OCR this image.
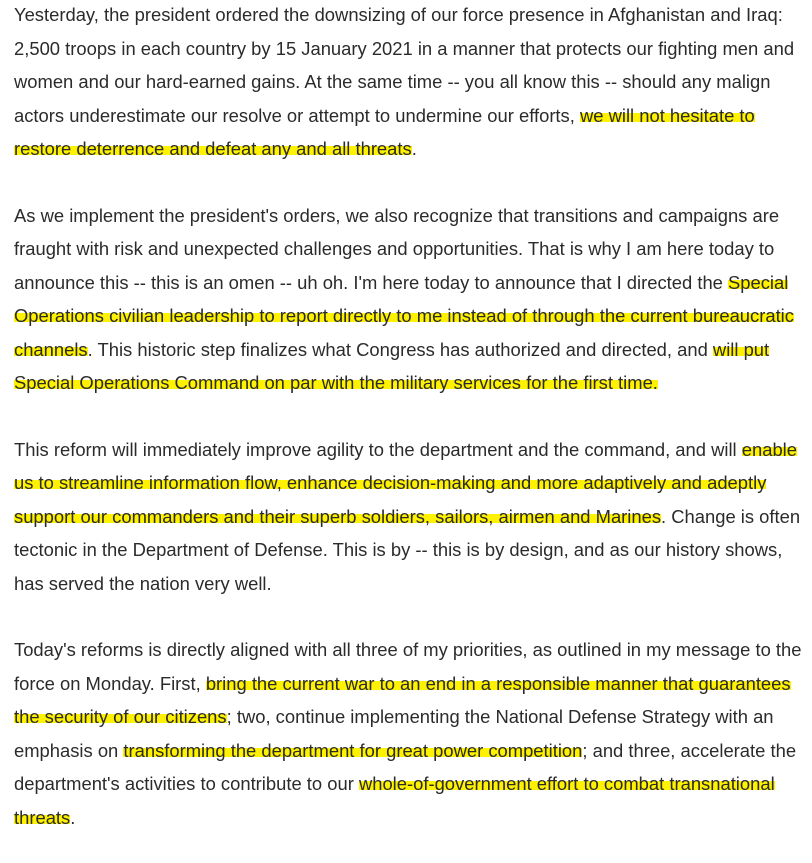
Yesterday, the president ordered the downsizing of our force presence in Afghanistan and Iraq: 2,500 troops in each country by 15 January 2021 in a manner that protects our fighting men and women and our hard-earned gains. At the same time -- you all know this -- should any malign actors underestimate our resolve or attempt to undermine our efforts, we will not hesitate to restore deterrence and defeat any and all threats.

As we implement the president's orders, we also recognize that transitions and campaigns are fraught with risk and unexpected challenges and opportunities. That is why I am here today to announce this -- this is an omen -- uh oh. I'm here today to announce that I directed the Special Operations civilian leadership to report directly to me instead of through the current bureaucratic channels. This historic step finalizes what Congress has authorized and directed, and will put Special Operations Command on par with the military services for the first time.

This reform will immediately improve agility to the department and the command, and will enable us to streamline information flow, enhance decision-making and more adaptively and adeptly support our commanders and their superb soldiers, sailors, airmen and Marines. Change is often tectonic in the Department of Defense. This is by -- this is by design, and as our history shows, has served the nation very well.

Today's reforms is directly aligned with all three of my priorities, as outlined in my message to the force on Monday. First, bring the current war to an end in a responsible manner that guarantees the security of our citizens; two, continue implementing the National Defense Strategy with an emphasis on transforming the department for great power competition; and three, accelerate the department's activities to contribute to our whole-of-government effort to combat transnational threats.
